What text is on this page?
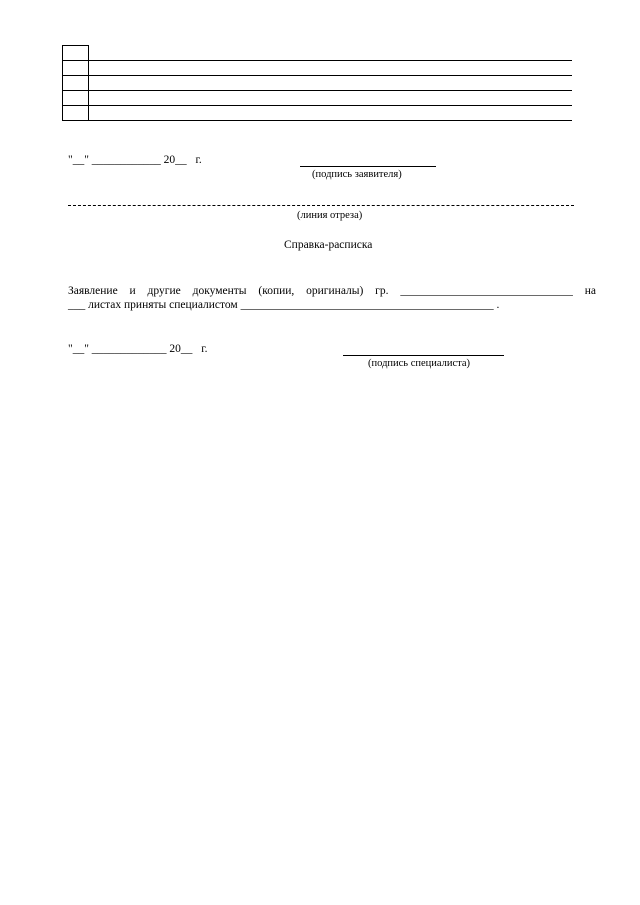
"__" ____________ 20__ г.
(подпись заявителя)
(линия отреза)
Справка-расписка
Заявление и другие документы (копии, оригиналы) гр. ______________________________ на
___ листах приняты специалистом ____________________________________________ .
"__" _____________ 20__ г.
(подпись специалиста)
